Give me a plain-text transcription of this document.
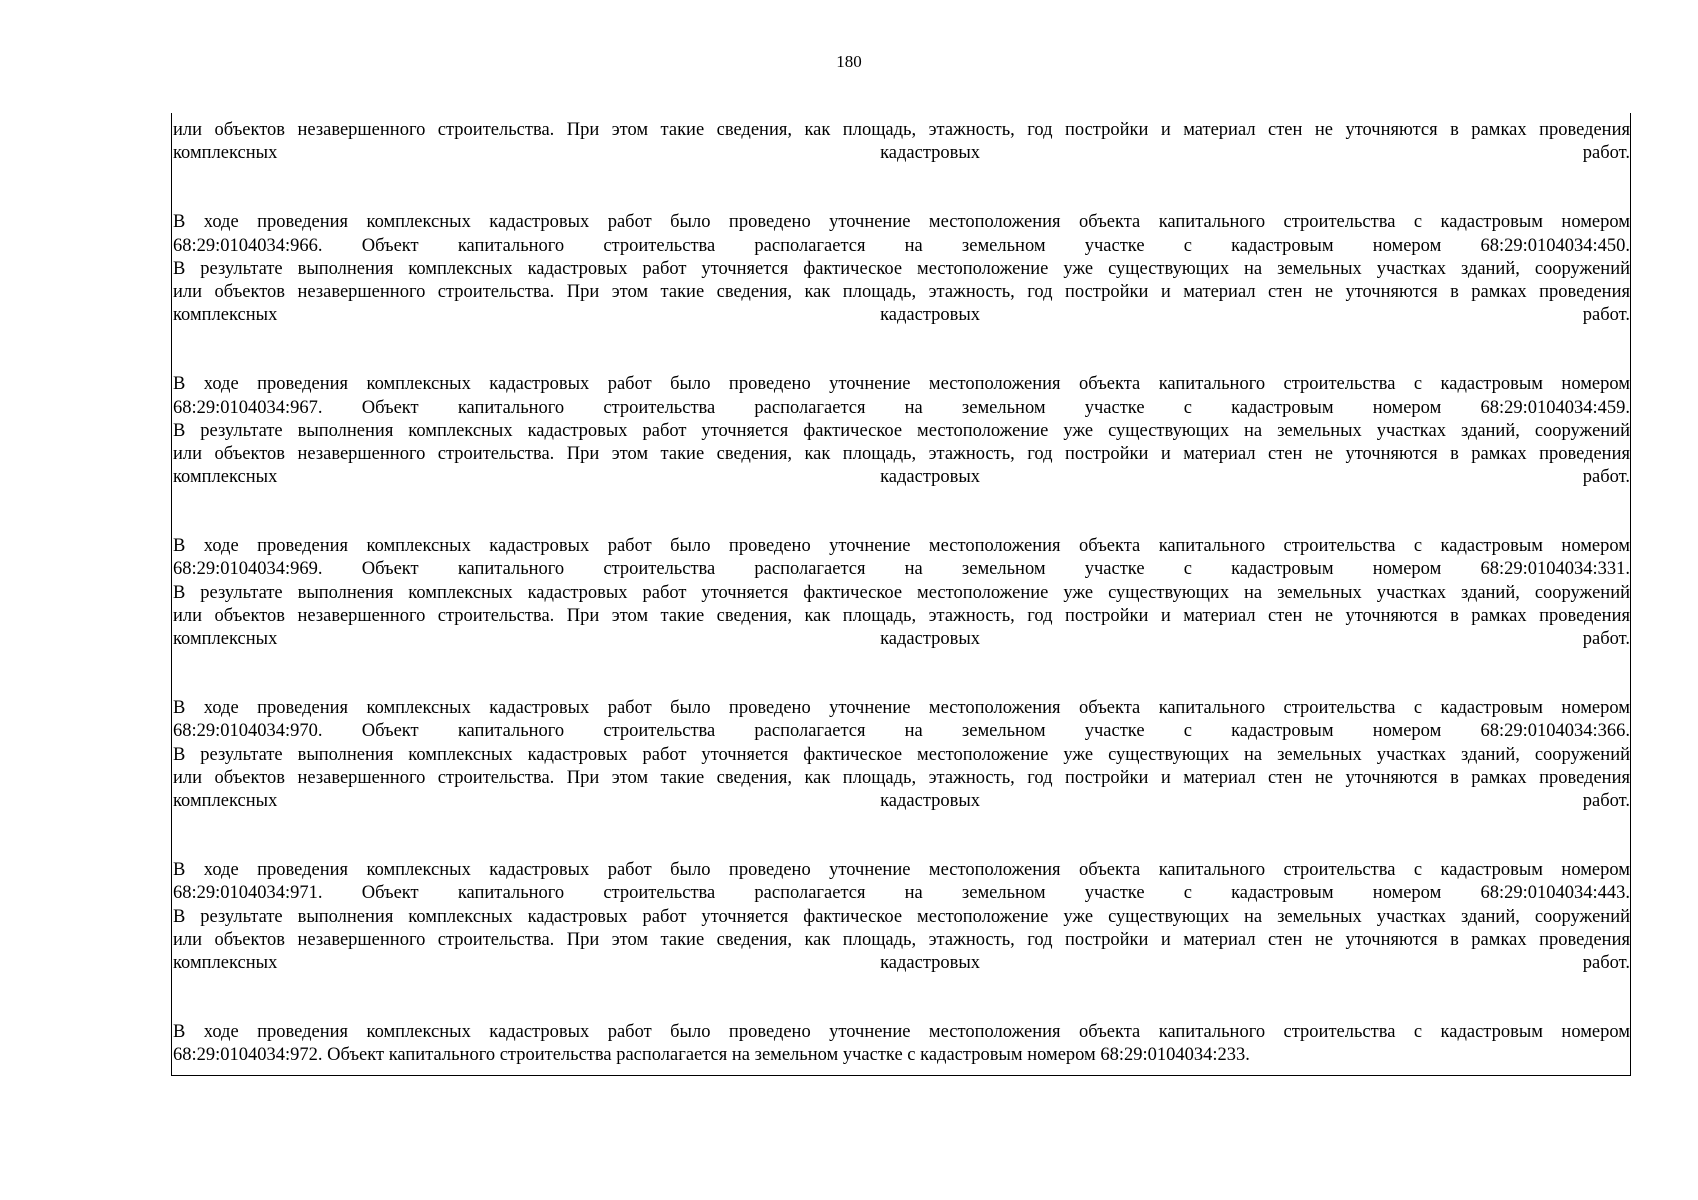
180
или объектов незавершенного строительства. При этом такие сведения, как площадь, этажность, год постройки и материал стен не уточняются в рамках проведения
комплексных кадастровых работ.
В ходе проведения комплексных кадастровых работ было проведено уточнение местоположения объекта капитального строительства с кадастровым номером
68:29:0104034:966. Объект капитального строительства располагается на земельном участке с кадастровым номером 68:29:0104034:450.
В результате выполнения комплексных кадастровых работ уточняется фактическое местоположение уже существующих на земельных участках зданий, сооружений
или объектов незавершенного строительства. При этом такие сведения, как площадь, этажность, год постройки и материал стен не уточняются в рамках проведения
комплексных кадастровых работ.
В ходе проведения комплексных кадастровых работ было проведено уточнение местоположения объекта капитального строительства с кадастровым номером
68:29:0104034:967. Объект капитального строительства располагается на земельном участке с кадастровым номером 68:29:0104034:459.
В результате выполнения комплексных кадастровых работ уточняется фактическое местоположение уже существующих на земельных участках зданий, сооружений
или объектов незавершенного строительства. При этом такие сведения, как площадь, этажность, год постройки и материал стен не уточняются в рамках проведения
комплексных кадастровых работ.
В ходе проведения комплексных кадастровых работ было проведено уточнение местоположения объекта капитального строительства с кадастровым номером
68:29:0104034:969. Объект капитального строительства располагается на земельном участке с кадастровым номером 68:29:0104034:331.
В результате выполнения комплексных кадастровых работ уточняется фактическое местоположение уже существующих на земельных участках зданий, сооружений
или объектов незавершенного строительства. При этом такие сведения, как площадь, этажность, год постройки и материал стен не уточняются в рамках проведения
комплексных кадастровых работ.
В ходе проведения комплексных кадастровых работ было проведено уточнение местоположения объекта капитального строительства с кадастровым номером
68:29:0104034:970. Объект капитального строительства располагается на земельном участке с кадастровым номером 68:29:0104034:366.
В результате выполнения комплексных кадастровых работ уточняется фактическое местоположение уже существующих на земельных участках зданий, сооружений
или объектов незавершенного строительства. При этом такие сведения, как площадь, этажность, год постройки и материал стен не уточняются в рамках проведения
комплексных кадастровых работ.
В ходе проведения комплексных кадастровых работ было проведено уточнение местоположения объекта капитального строительства с кадастровым номером
68:29:0104034:971. Объект капитального строительства располагается на земельном участке с кадастровым номером 68:29:0104034:443.
В результате выполнения комплексных кадастровых работ уточняется фактическое местоположение уже существующих на земельных участках зданий, сооружений
или объектов незавершенного строительства. При этом такие сведения, как площадь, этажность, год постройки и материал стен не уточняются в рамках проведения
комплексных кадастровых работ.
В ходе проведения комплексных кадастровых работ было проведено уточнение местоположения объекта капитального строительства с кадастровым номером
68:29:0104034:972. Объект капитального строительства располагается на земельном участке с кадастровым номером 68:29:0104034:233.
